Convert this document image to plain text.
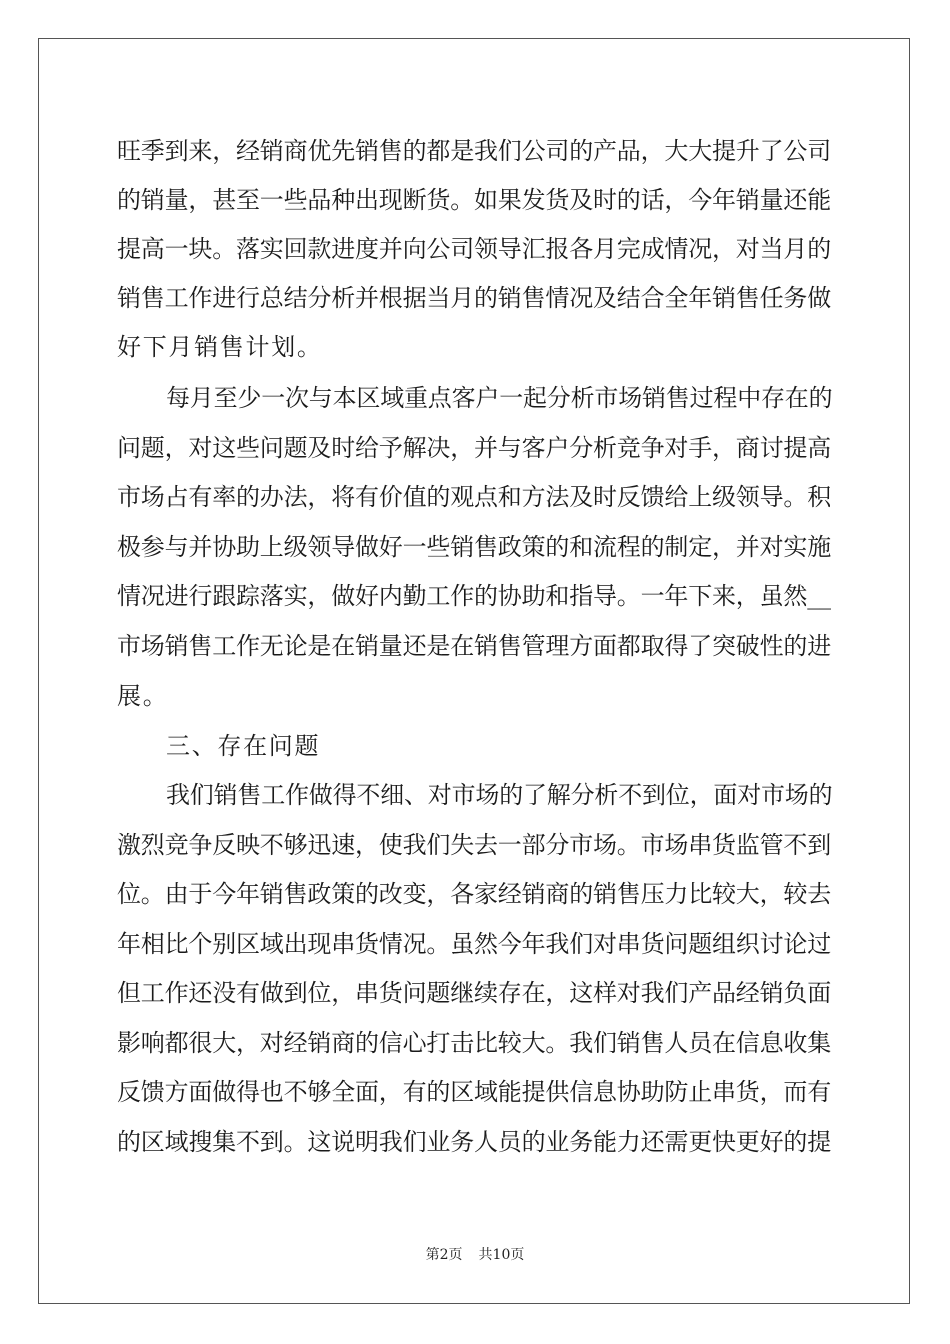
旺季到来，经销商优先销售的都是我们公司的产品，大大提升了公司
的销量，甚至一些品种出现断货。如果发货及时的话，今年销量还能
提高一块。落实回款进度并向公司领导汇报各月完成情况，对当月的
销售工作进行总结分析并根据当月的销售情况及结合全年销售任务做
好下月销售计划。
每月至少一次与本区域重点客户一起分析市场销售过程中存在的
问题，对这些问题及时给予解决，并与客户分析竞争对手，商讨提高
市场占有率的办法，将有价值的观点和方法及时反馈给上级领导。积
极参与并协助上级领导做好一些销售政策的和流程的制定，并对实施
情况进行跟踪落实，做好内勤工作的协助和指导。一年下来，虽然__
市场销售工作无论是在销量还是在销售管理方面都取得了突破性的进
展。
三、存在问题
我们销售工作做得不细、对市场的了解分析不到位，面对市场的
激烈竞争反映不够迅速，使我们失去一部分市场。市场串货监管不到
位。由于今年销售政策的改变，各家经销商的销售压力比较大，较去
年相比个别区域出现串货情况。虽然今年我们对串货问题组织讨论过
但工作还没有做到位，串货问题继续存在，这样对我们产品经销负面
影响都很大，对经销商的信心打击比较大。我们销售人员在信息收集
反馈方面做得也不够全面，有的区域能提供信息协助防止串货，而有
的区域搜集不到。这说明我们业务人员的业务能力还需更快更好的提
第2页 共10页
